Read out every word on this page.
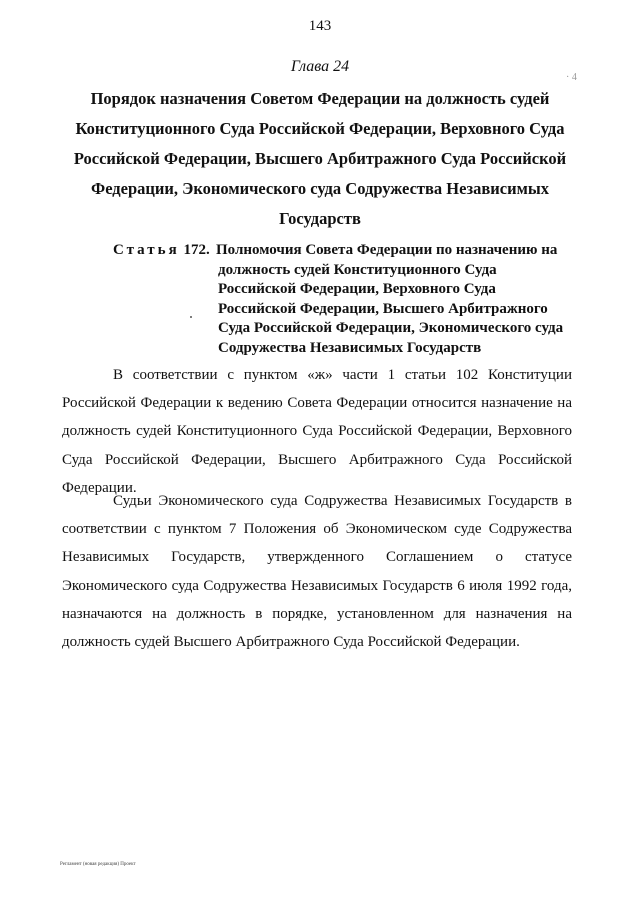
143
· 4
Глава 24
Порядок назначения Советом Федерации на должность судей
Конституционного Суда Российской Федерации, Верховного Суда
Российской Федерации, Высшего Арбитражного Суда Российской
Федерации, Экономического суда Содружества Независимых
Государств
Статья 172. Полномочия Совета Федерации по назначению на
должность судей Конституционного Суда
Российской Федерации, Верховного Суда
Российской Федерации, Высшего Арбитражного
Суда Российской Федерации, Экономического суда
Содружества Независимых Государств
В соответствии с пунктом «ж» части 1 статьи 102 Конституции
Российской Федерации к ведению Совета Федерации относится назначение на
должность судей Конституционного Суда Российской Федерации, Верховного
Суда Российской Федерации, Высшего Арбитражного Суда Российской
Федерации.
Судьи Экономического суда Содружества Независимых Государств в
соответствии с пунктом 7 Положения об Экономическом суде Содружества
Независимых Государств, утвержденного Соглашением о статусе
Экономического суда Содружества Независимых Государств 6 июля 1992 года,
назначаются на должность в порядке, установленном для назначения на
должность судей Высшего Арбитражного Суда Российской Федерации.
Регламент (новая редакция) Проект
